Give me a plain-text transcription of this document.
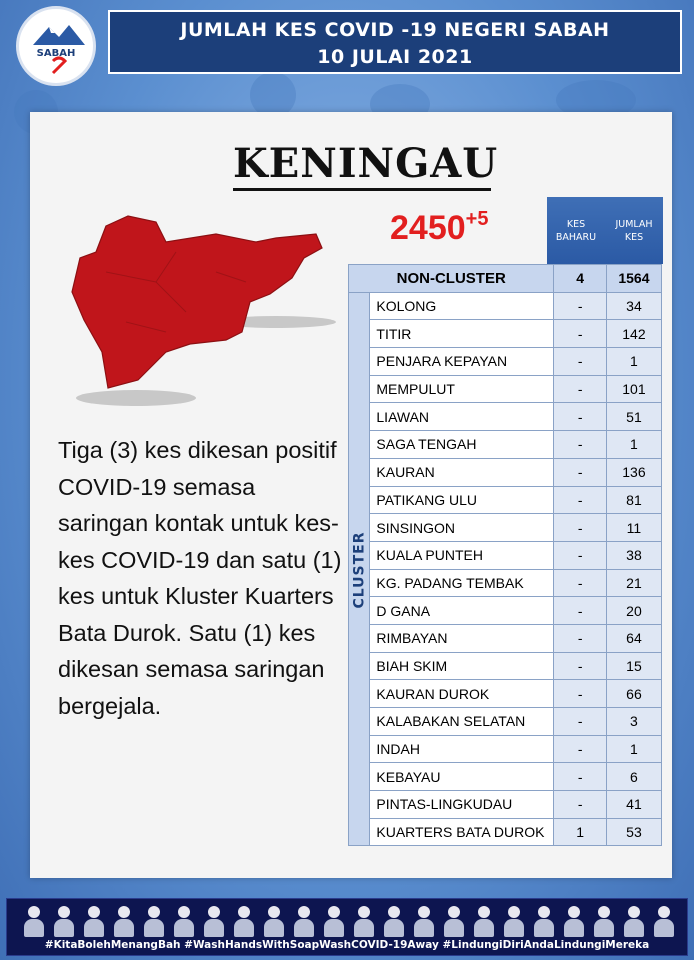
SABAH
JUMLAH KES COVID -19 NEGERI SABAH
10 JULAI 2021
KENINGAU
$2450^{+5}$
Tiga (3) kes dikesan positif COVID-19 semasa saringan kontak untuk kes-kes COVID-19 dan satu (1) kes untuk Kluster Kuarters Bata Durok. Satu (1) kes dikesan semasa saringan bergejala.
KES BAHARU
JUMLAH KES
NON-CLUSTER		4	1564
	KOLONG	-	34
	TITIR	-	142
	PENJARA KEPAYAN	-	1
	MEMPULUT	-	101
	LIAWAN	-	51
	SAGA TENGAH	-	1
	KAURAN	-	136
	PATIKANG ULU	-	81
	SINSINGON	-	11
	KUALA PUNTEH	-	38
	KG. PADANG TEMBAK	-	21
	D GANA	-	20
	RIMBAYAN	-	64
	BIAH SKIM	-	15
	KAURAN DUROK	-	66
	KALABAKAN SELATAN	-	3
	INDAH	-	1
	KEBAYAU	-	6
	PINTAS-LINGKUDAU	-	41
	KUARTERS BATA DUROK	1	53
CLUSTER
#KitaBolehMenangBah #WashHandsWithSoapWashCOVID-19Away #LindungiDiriAndaLindungiMereka
